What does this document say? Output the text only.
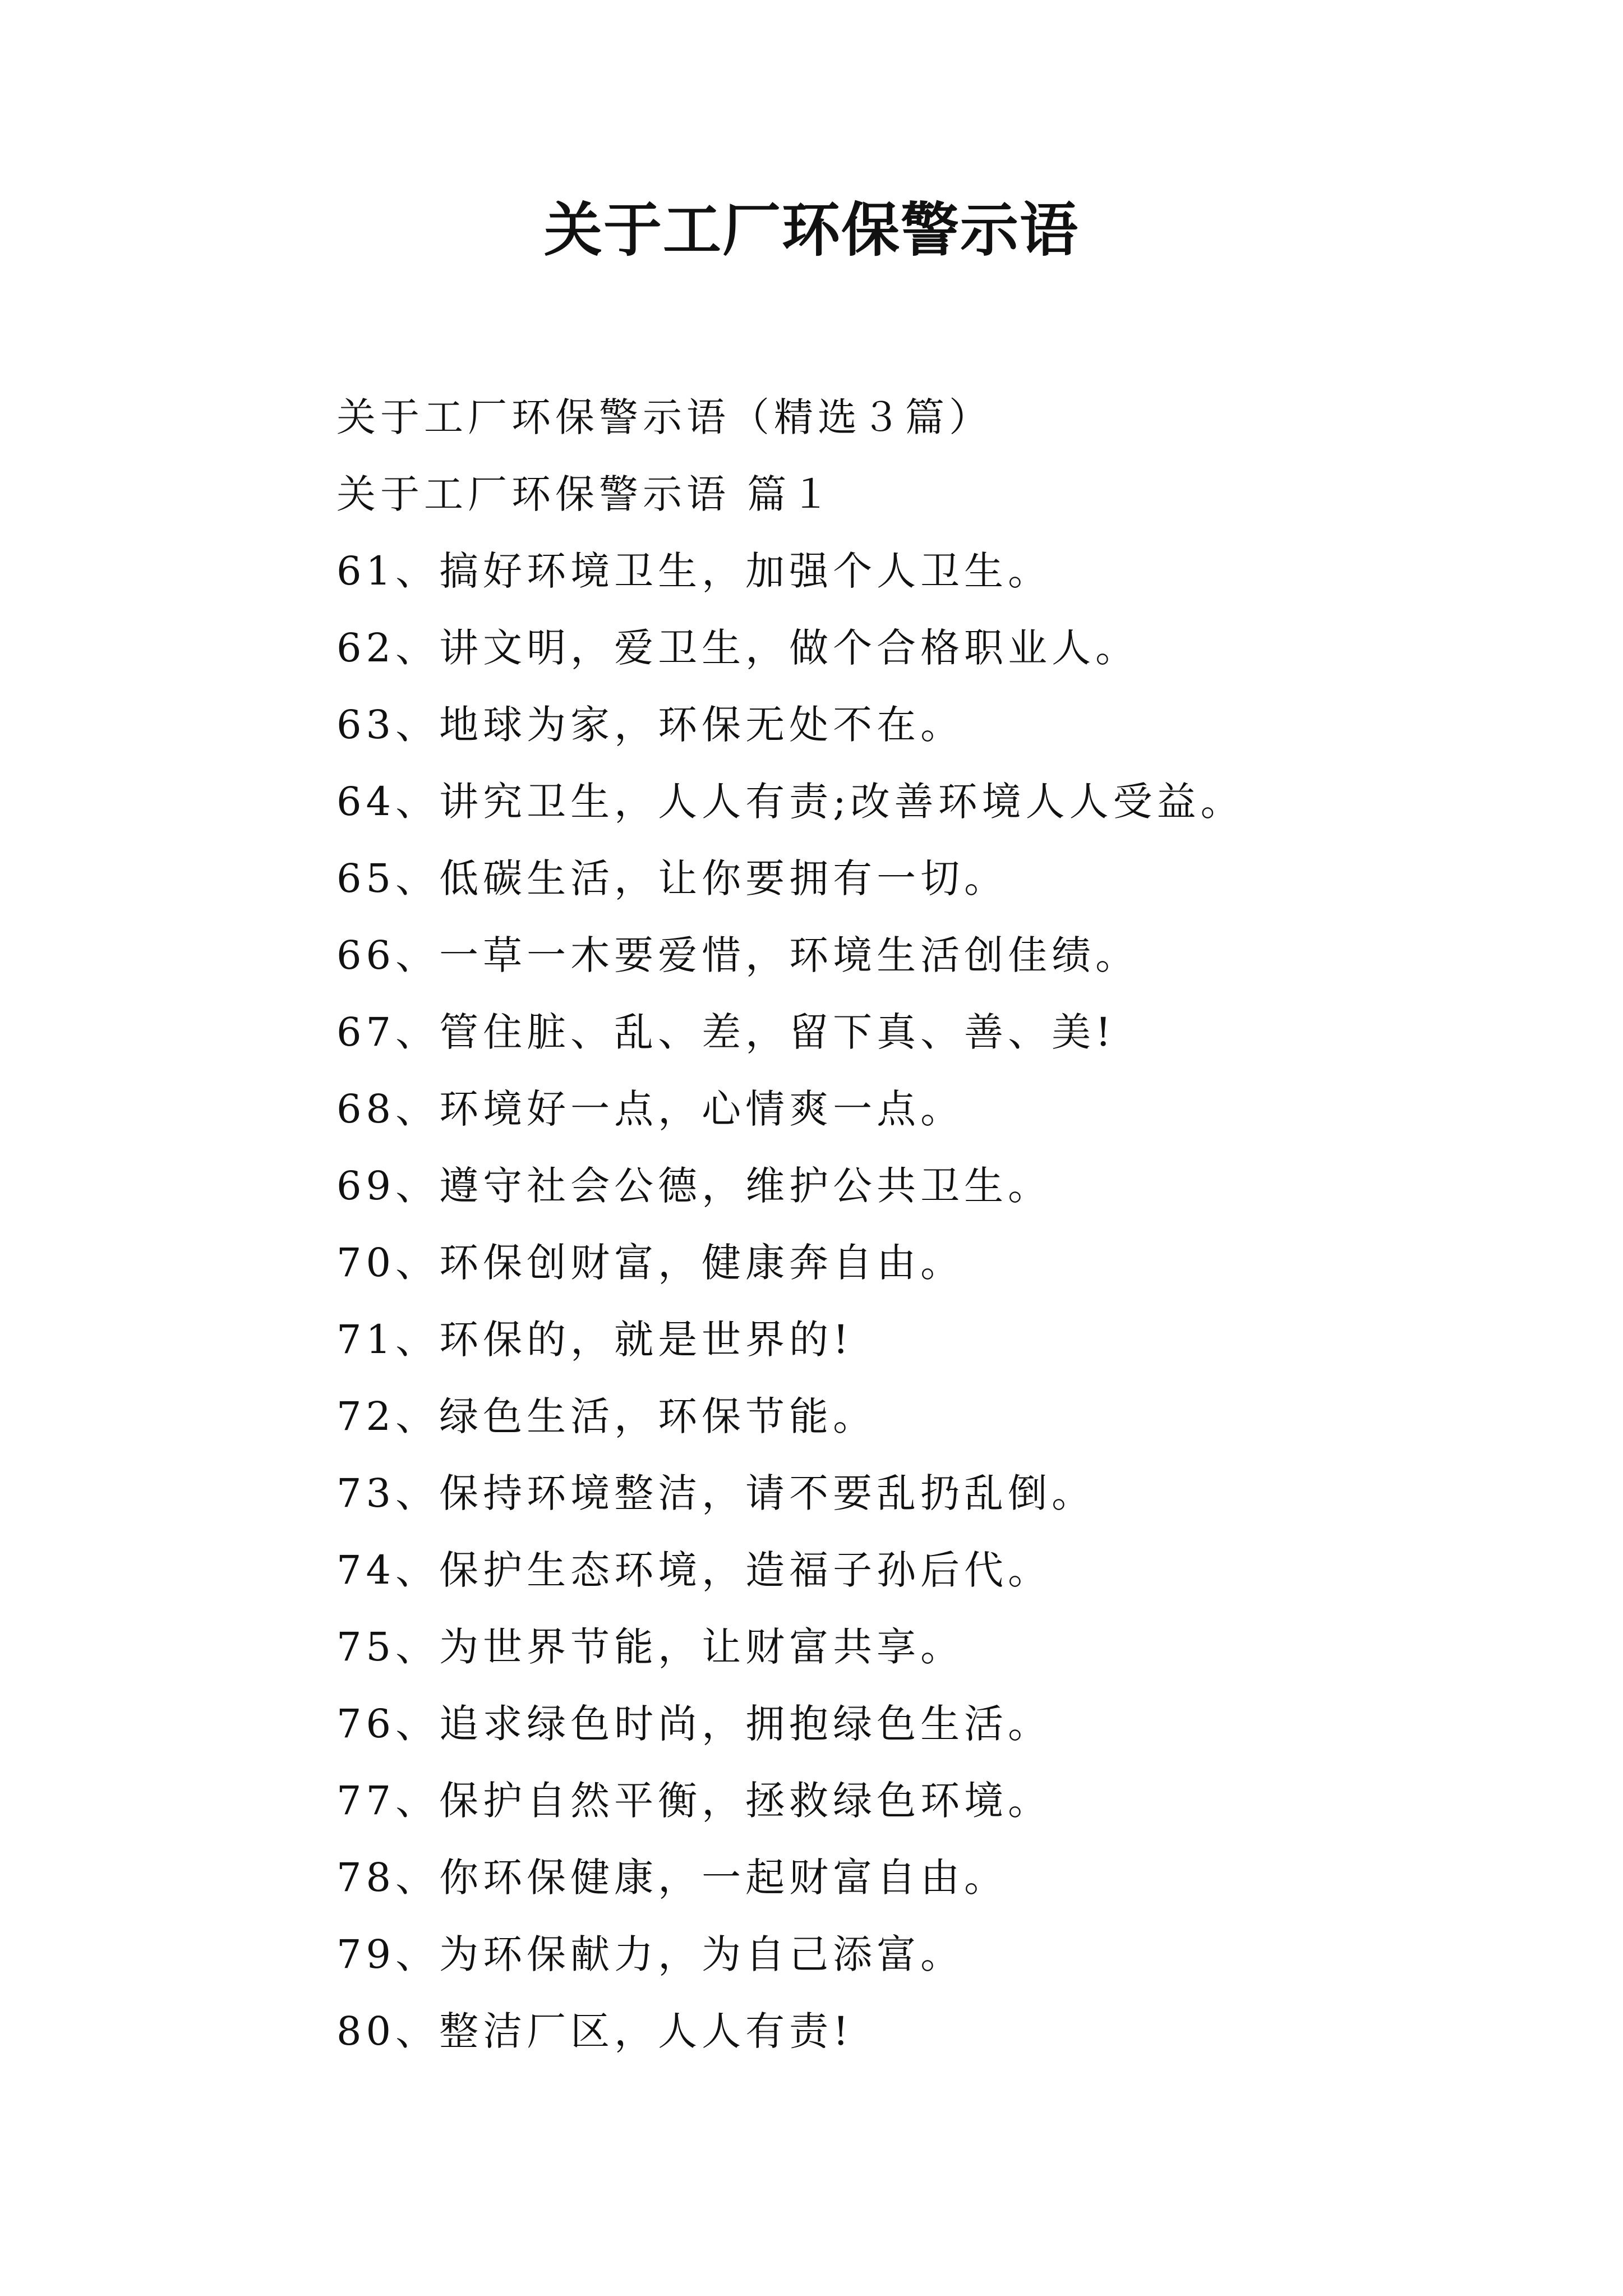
关于工厂环保警示语
关于工厂环保警示语（精选３篇）
关于工厂环保警示语 篇１
61、搞好环境卫生，加强个人卫生。
62、讲文明，爱卫生，做个合格职业人。
63、地球为家，环保无处不在。
64、讲究卫生，人人有责;改善环境人人受益。
65、低碳生活，让你要拥有一切。
66、一草一木要爱惜，环境生活创佳绩。
67、管住脏、乱、差，留下真、善、美!
68、环境好一点，心情爽一点。
69、遵守社会公德，维护公共卫生。
70、环保创财富，健康奔自由。
71、环保的，就是世界的!
72、绿色生活，环保节能。
73、保持环境整洁，请不要乱扔乱倒。
74、保护生态环境，造福子孙后代。
75、为世界节能，让财富共享。
76、追求绿色时尚，拥抱绿色生活。
77、保护自然平衡，拯救绿色环境。
78、你环保健康，一起财富自由。
79、为环保献力，为自己添富。
80、整洁厂区，人人有责!
